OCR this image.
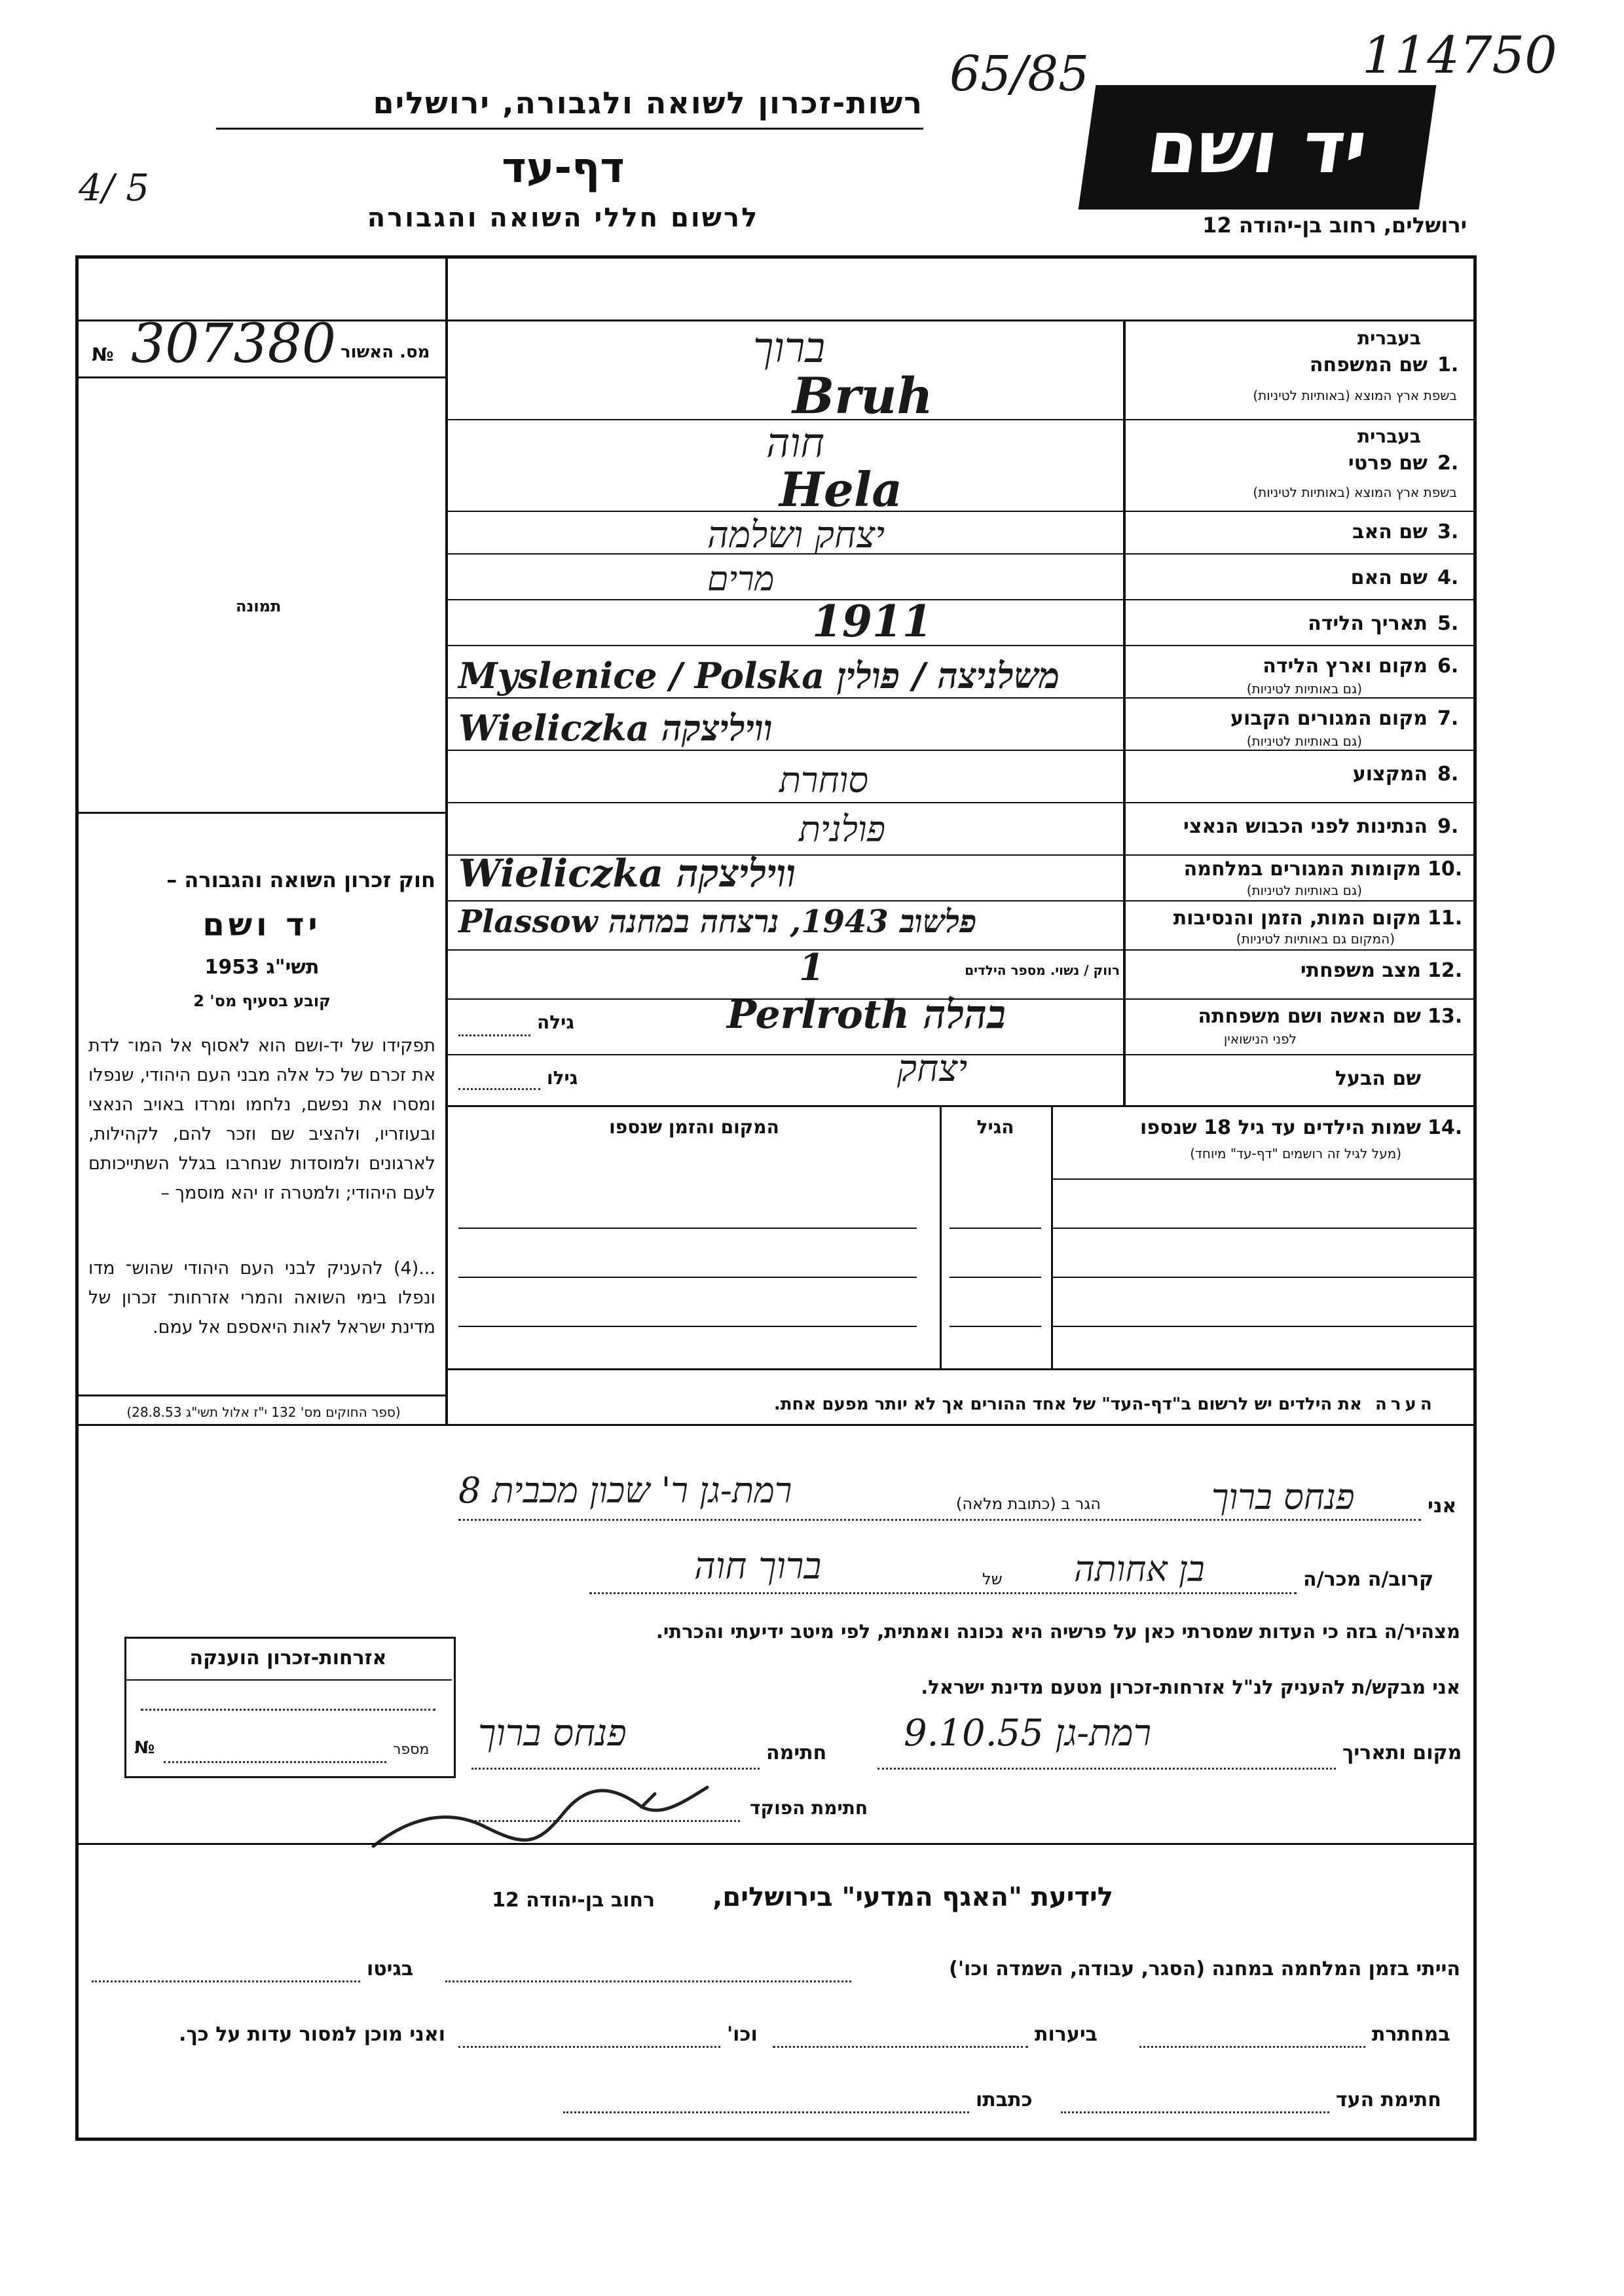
רשות-זכרון לשואה ולגבורה, ירושלים
דף-עד
לרשום חללי השואה והגבורה
יד ושם
ירושלים, רחוב בן-יהודה 12
114750
65/85
4/ 5
מס. האשור
№ 307380
תמונה
חוק זכרון השואה והגבורה –
יד ושם
תשי"ג 1953
קובע בסעיף מס' 2
תפקידו של יד-ושם הוא לאסוף אל המו־ לדת את זכרם של כל אלה מבני העם היהודי, שנפלו ומסרו את נפשם, נלחמו ומרדו באויב הנאצי ובעוזריו, ולהציב שם וזכר להם, לקהילות, לארגונים ולמוסדות שנחרבו בגלל השתייכותם לעם היהודי; ולמטרה זו יהא מוסמך –
...(4) להעניק לבני העם היהודי שהוש־ מדו ונפלו בימי השואה והמרי אזרחות־ זכרון של מדינת ישראל לאות היאספם אל עמם.
(ספר החוקים מס' 132 י"ז אלול תשי"ג 28.8.53)
בעברית
1.
שם המשפחה
בשפת ארץ המוצא (באותיות לטיניות)
ברוך
Bruh
בעברית
2.
שם פרטי
בשפת ארץ המוצא (באותיות לטיניות)
חוה
Hela
3.
שם האב
יצחק ושלמה
4.
שם האם
מרים
5.
תאריך הלידה
1911
6.
מקום וארץ הלידה
(גם באותיות לטיניות)
Myslenice / Polska משלניצה / פולין
7.
מקום המגורים הקבוע
(גם באותיות לטיניות)
Wieliczka וויליצקה
8.
המקצוע
סוחרת
9.
הנתינות לפני הכבוש הנאצי
פולנית
10.
מקומות המגורים במלחמה
(גם באותיות לטיניות)
Wieliczka וויליצקה
11.
מקום המות, הזמן והנסיבות
(המקום גם באותיות לטיניות)
Plassow פלשוב 1943, נרצחה במחנה
12.
מצב משפחתי
רווק / נשוי. מספר הילדים
1
13.
שם האשה ושם משפחתה
לפני הנישואין
גילה	Perlroth בהלה
שם הבעל
גילו	יצחק
14.
שמות הילדים עד גיל 18 שנספו
(מעל לגיל זה רושמים "דף-עד" מיוחד)
הגיל
המקום והזמן שנספו
הערה
את הילדים יש לרשום ב"דף-העד" של אחד ההורים אך לא יותר מפעם אחת.
אני
פנחס ברוך
הגר ב (כתובת מלאה)
רמת-גן ר' שכון מכבית 8
קרוב/ה מכר/ה
בן אחותה
של
ברוך חוה
מצהיר/ה בזה כי העדות שמסרתי כאן על פרשיה היא נכונה ואמתית, לפי מיטב ידיעתי והכרתי.
אני מבקש/ת להעניק לנ"ל אזרחות-זכרון מטעם מדינת ישראל.
מקום ותאריך
רמת-גן 9.10.55
חתימה
פנחס ברוך
חתימת הפוקד
אזרחות-זכרון הוענקה
מספר
№
לידיעת "האגף המדעי" בירושלים,
רחוב בן-יהודה 12
הייתי בזמן המלחמה במחנה (הסגר, עבודה, השמדה וכו')
בגיטו
במחתרת
ביערות
וכו'
ואני מוכן למסור עדות על כך.
חתימת העד
כתבתו
